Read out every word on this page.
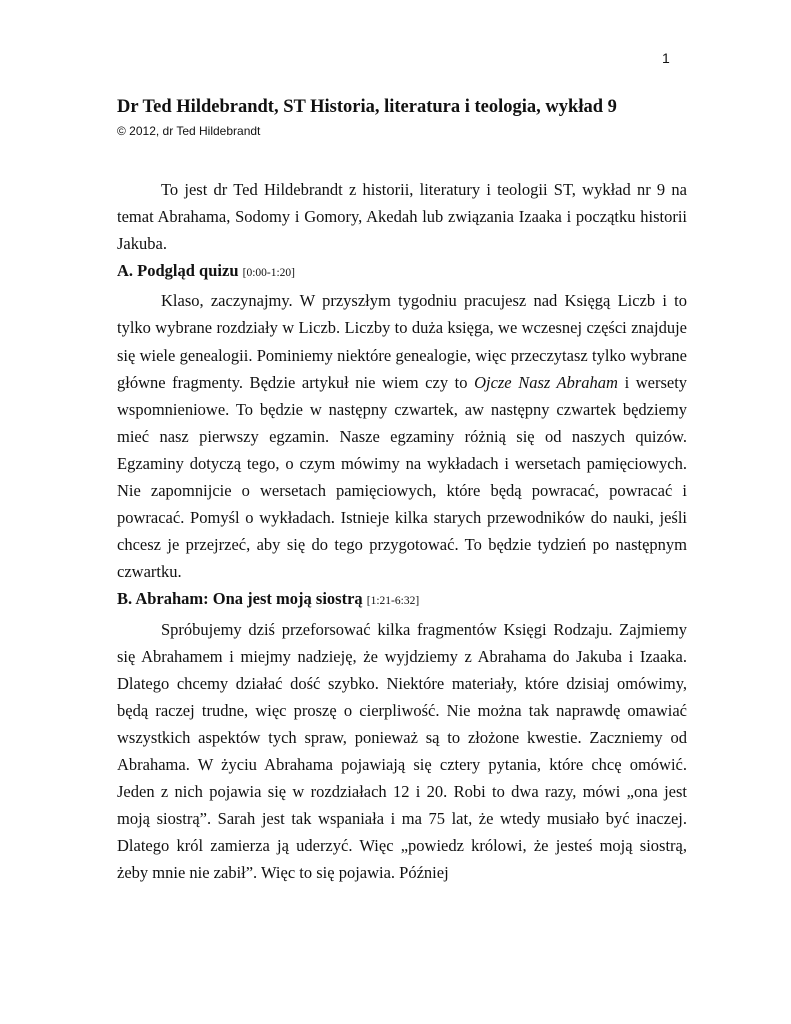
1
Dr Ted Hildebrandt, ST Historia, literatura i teologia, wykład 9
© 2012, dr Ted Hildebrandt

To jest dr Ted Hildebrandt z historii, literatury i teologii ST, wykład nr 9 na temat Abrahama, Sodomy i Gomory, Akedah lub związania Izaaka i początku historii Jakuba.

A. Podgląd quizu [0:00-1:20]

Klaso, zaczynajmy. W przyszłym tygodniu pracujesz nad Księgą Liczb i to tylko wybrane rozdziały w Liczb. Liczby to duża księga, we wczesnej części znajduje się wiele genealogii. Pominiemy niektóre genealogie, więc przeczytasz tylko wybrane główne fragmenty. Będzie artykuł nie wiem czy to Ojcze Nasz Abraham i wersety wspomnieniowe. To będzie w następny czwartek, aw następny czwartek będziemy mieć nasz pierwszy egzamin. Nasze egzaminy różnią się od naszych quizów. Egzaminy dotyczą tego, o czym mówimy na wykładach i wersetach pamięciowych. Nie zapomnijcie o wersetach pamięciowych, które będą powracać, powracać i powracać. Pomyśl o wykładach. Istnieje kilka starych przewodników do nauki, jeśli chcesz je przejrzeć, aby się do tego przygotować. To będzie tydzień po następnym czwartku.

B. Abraham: Ona jest moją siostrą [1:21-6:32]

Spróbujemy dziś przeforsować kilka fragmentów Księgi Rodzaju. Zajmiemy się Abrahamem i miejmy nadzieję, że wyjdziemy z Abrahama do Jakuba i Izaaka. Dlatego chcemy działać dość szybko. Niektóre materiały, które dzisiaj omówimy, będą raczej trudne, więc proszę o cierpliwość. Nie można tak naprawdę omawiać wszystkich aspektów tych spraw, ponieważ są to złożone kwestie. Zaczniemy od Abrahama. W życiu Abrahama pojawiają się cztery pytania, które chcę omówić. Jeden z nich pojawia się w rozdziałach 12 i 20. Robi to dwa razy, mówi „ona jest moją siostrą”. Sarah jest tak wspaniała i ma 75 lat, że wtedy musiało być inaczej. Dlatego król zamierza ją uderzyć. Więc „powiedz królowi, że jesteś moją siostrą, żeby mnie nie zabił”. Więc to się pojawia. Później
